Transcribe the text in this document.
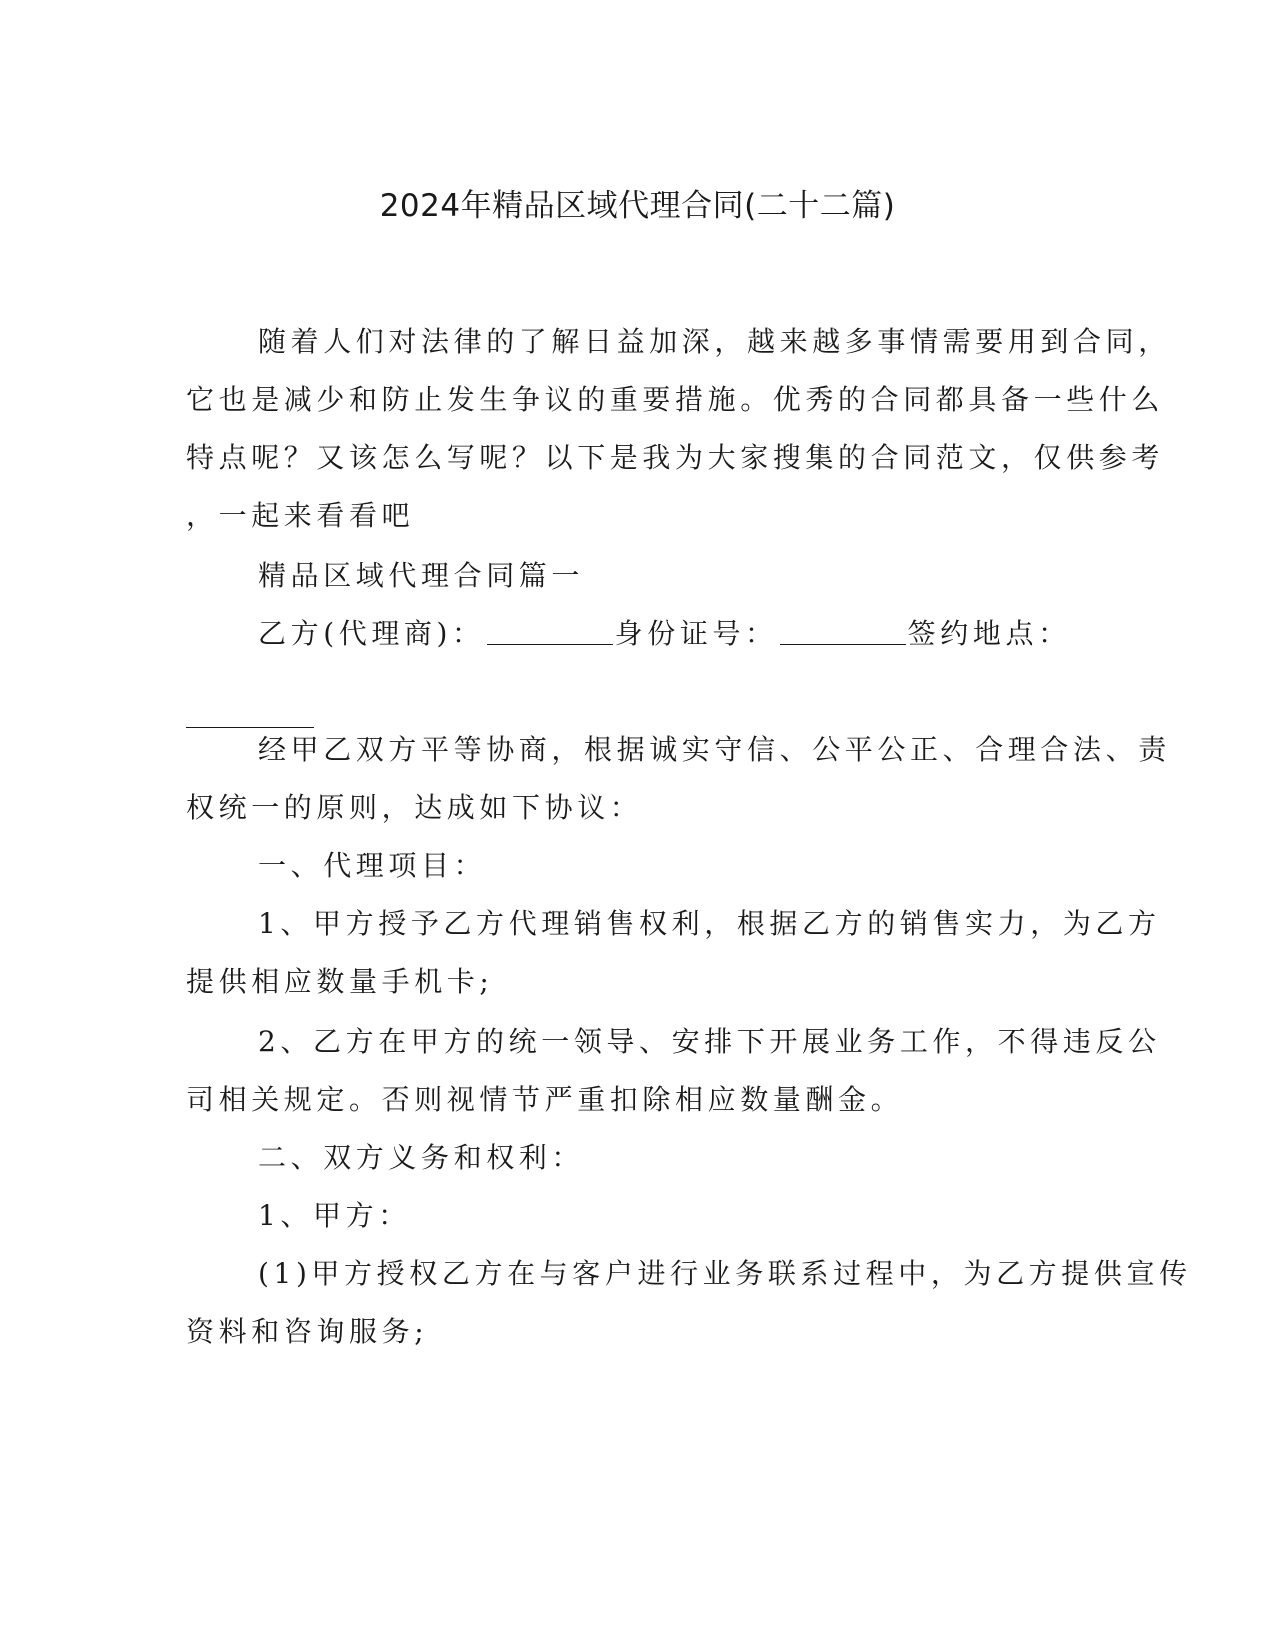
2024年精品区域代理合同(二十二篇)
随着人们对法律的了解日益加深，越来越多事情需要用到合同，
它也是减少和防止发生争议的重要措施。优秀的合同都具备一些什么
特点呢？又该怎么写呢？以下是我为大家搜集的合同范文，仅供参考
，一起来看看吧
精品区域代理合同篇一
乙方(代理商)：	身份证号：	签约地点：
经甲乙双方平等协商，根据诚实守信、公平公正、合理合法、责
权统一的原则，达成如下协议：
一、代理项目：
1、甲方授予乙方代理销售权利，根据乙方的销售实力，为乙方
提供相应数量手机卡;
2、乙方在甲方的统一领导、安排下开展业务工作，不得违反公
司相关规定。否则视情节严重扣除相应数量酬金。
二、双方义务和权利：
1、甲方：
(1)甲方授权乙方在与客户进行业务联系过程中，为乙方提供宣传
资料和咨询服务;
